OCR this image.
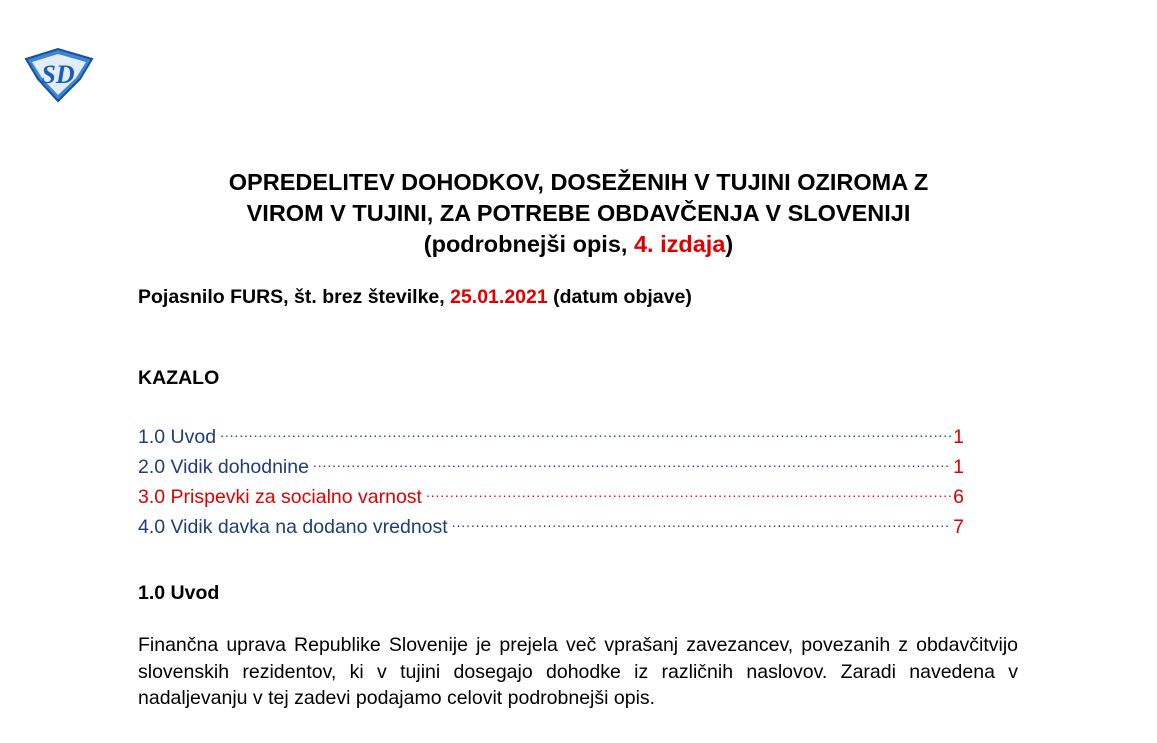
SD
OPREDELITEV DOHODKOV, DOSEŽENIH V TUJINI OZIROMA Z
VIROM V TUJINI, ZA POTREBE OBDAVČENJA V SLOVENIJI
(podrobnejši opis, 4. izdaja)
Pojasnilo FURS, št. brez številke, 25.01.2021 (datum objave)
KAZALO
1.0 Uvod .....	1
2.0 Vidik dohodnine .....	1
3.0 Prispevki za socialno varnost .....	6
4.0 Vidik davka na dodano vrednost .....	7
1.0 Uvod
Finančna uprava Republike Slovenije je prejela več vprašanj zavezancev, povezanih z obdavčitvijo slovenskih rezidentov, ki v tujini dosegajo dohodke iz različnih naslovov. Zaradi navedena v nadaljevanju v tej zadevi podajamo celovit podrobnejši opis.
